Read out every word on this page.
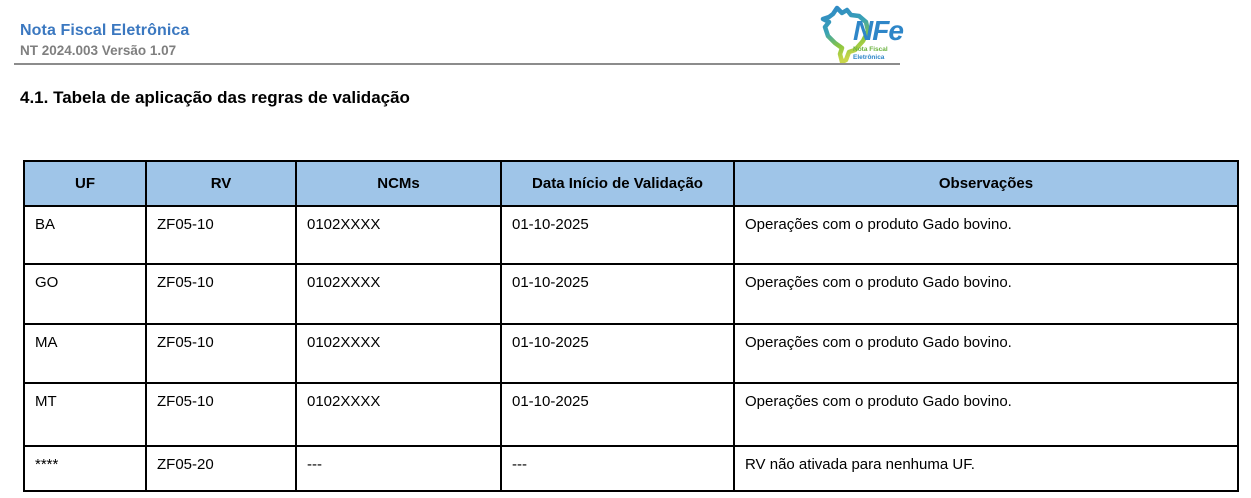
Nota Fiscal Eletrônica
NT 2024.003 Versão 1.07
NFe
Nota Fiscal
Eletrônica
4.1. Tabela de aplicação das regras de validação
UF	RV	NCMs	Data Início de Validação	Observações
BA	ZF05-10	0102XXXX	01-10-2025	Operações com o produto Gado bovino.
GO	ZF05-10	0102XXXX	01-10-2025	Operações com o produto Gado bovino.
MA	ZF05-10	0102XXXX	01-10-2025	Operações com o produto Gado bovino.
MT	ZF05-10	0102XXXX	01-10-2025	Operações com o produto Gado bovino.
****	ZF05-20	---	---	RV não ativada para nenhuma UF.
